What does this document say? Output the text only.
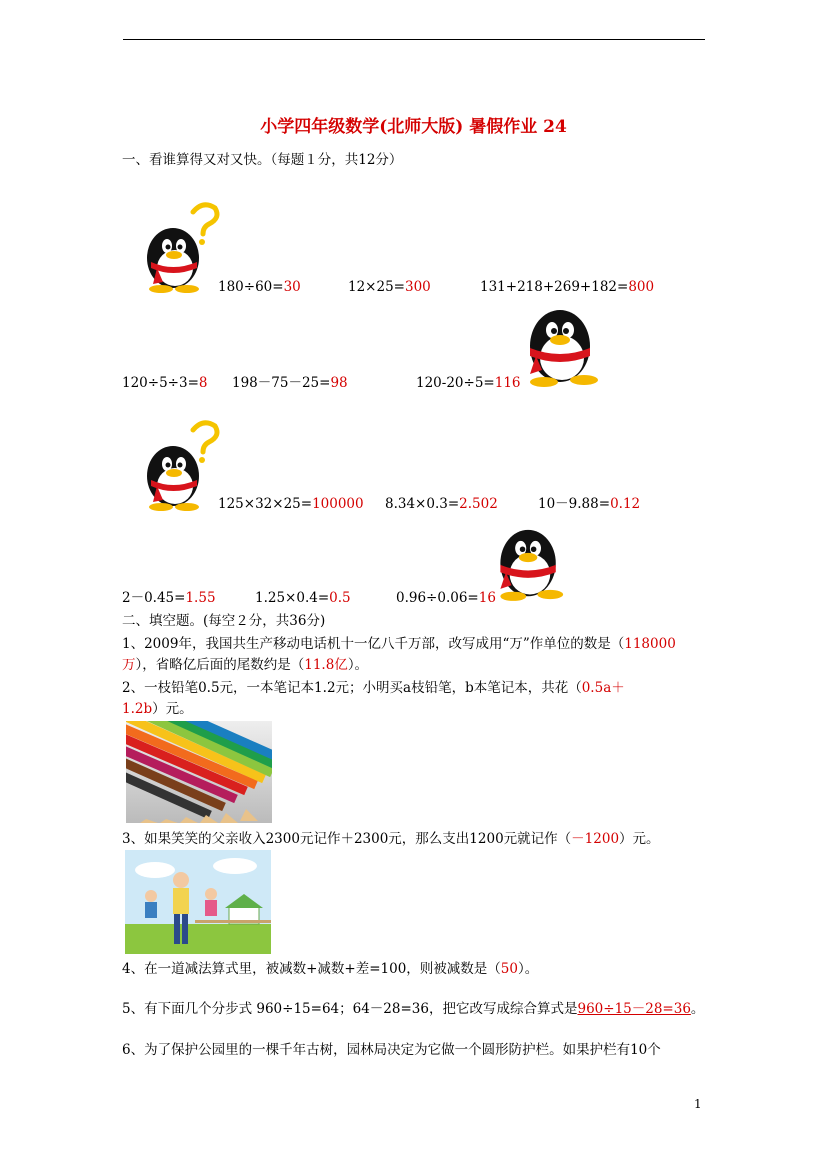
小学四年级数学(北师大版) 暑假作业 24
一、看谁算得又对又快。（每题１分，共12分）
180÷60=30	12×25=300	131+218+269+182=800
120÷5÷3=8 198－75－25=98	120-20÷5=116
125×32×25=100000 8.34×0.3=2.502	10－9.88=0.12
2－0.45=1.55	1.25×0.4=0.5	0.96÷0.06=16
二、填空题。(每空２分，共36分)
1、2009年，我国共生产移动电话机十一亿八千万部，改写成用“万”作单位的数是（118000
万），省略亿后面的尾数约是（11.8亿）。
2、一枝铅笔0.5元，一本笔记本1.2元；小明买a枝铅笔，b本笔记本，共花（0.5a＋
1.2b）元。
3、如果笑笑的父亲收入2300元记作＋2300元，那么支出1200元就记作（－1200）元。
4、在一道减法算式里，被减数+减数+差=100，则被减数是（50）。
5、有下面几个分步式 960÷15=64；64－28=36，把它改写成综合算式是960÷15－28=36。
6、为了保护公园里的一棵千年古树，园林局决定为它做一个圆形防护栏。如果护栏有10个
1
